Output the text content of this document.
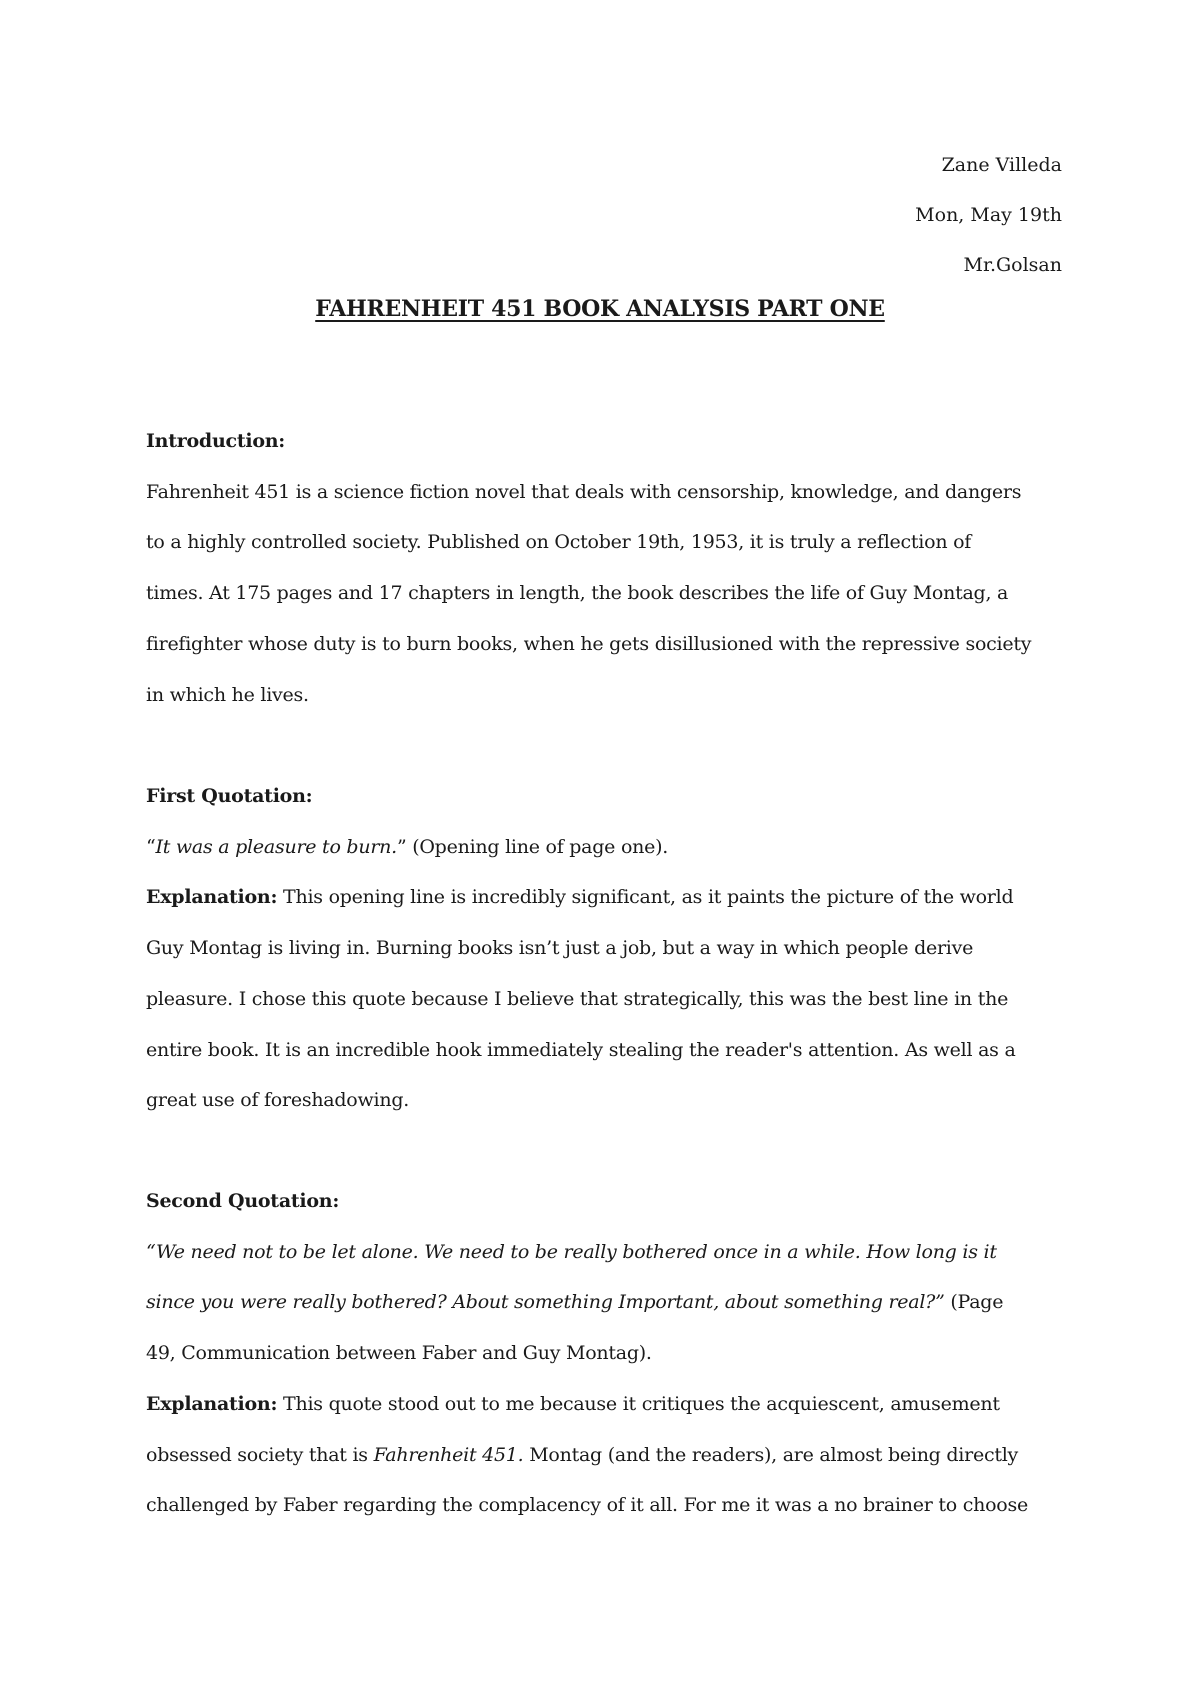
Zane Villeda
Mon, May 19th
Mr.Golsan
FAHRENHEIT 451 BOOK ANALYSIS PART ONE
Introduction:
Fahrenheit 451 is a science fiction novel that deals with censorship, knowledge, and dangers
to a highly controlled society. Published on October 19th, 1953, it is truly a reflection of
times. At 175 pages and 17 chapters in length, the book describes the life of Guy Montag, a
firefighter whose duty is to burn books, when he gets disillusioned with the repressive society
in which he lives.
First Quotation:
“It was a pleasure to burn.” (Opening line of page one).
Explanation: This opening line is incredibly significant, as it paints the picture of the world
Guy Montag is living in. Burning books isn’t just a job, but a way in which people derive
pleasure. I chose this quote because I believe that strategically, this was the best line in the
entire book. It is an incredible hook immediately stealing the reader's attention. As well as a
great use of foreshadowing.
Second Quotation:
“We need not to be let alone. We need to be really bothered once in a while. How long is it
since you were really bothered? About something Important, about something real?” (Page
49, Communication between Faber and Guy Montag).
Explanation: This quote stood out to me because it critiques the acquiescent, amusement
obsessed society that is Fahrenheit 451. Montag (and the readers), are almost being directly
challenged by Faber regarding the complacency of it all. For me it was a no brainer to choose
